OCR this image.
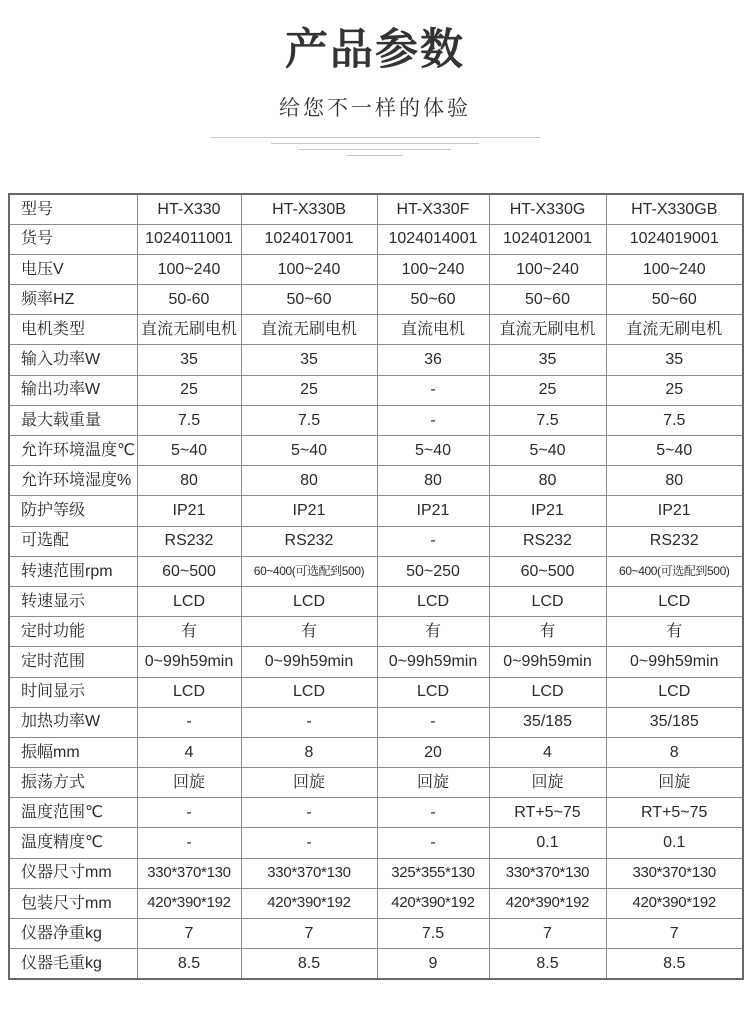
产品参数
给您不一样的体验
型号	HT-X330	HT-X330B	HT-X330F	HT-X330G	HT-X330GB
货号	1024011001	1024017001	1024014001	1024012001	1024019001
电压V	100~240	100~240	100~240	100~240	100~240
频率HZ	50-60	50~60	50~60	50~60	50~60
电机类型	直流无刷电机	直流无刷电机	直流电机	直流无刷电机	直流无刷电机
输入功率W	35	35	36	35	35
输出功率W	25	25	-	25	25
最大载重量	7.5	7.5	-	7.5	7.5
允许环境温度℃	5~40	5~40	5~40	5~40	5~40
允许环境湿度%	80	80	80	80	80
防护等级	IP21	IP21	IP21	IP21	IP21
可选配	RS232	RS232	-	RS232	RS232
转速范围rpm	60~500	60~400(可选配到500)	50~250	60~500	60~400(可选配到500)
转速显示	LCD	LCD	LCD	LCD	LCD
定时功能	有	有	有	有	有
定时范围	0~99h59min	0~99h59min	0~99h59min	0~99h59min	0~99h59min
时间显示	LCD	LCD	LCD	LCD	LCD
加热功率W	-	-	-	35/185	35/185
振幅mm	4	8	20	4	8
振荡方式	回旋	回旋	回旋	回旋	回旋
温度范围℃	-	-	-	RT+5~75	RT+5~75
温度精度℃	-	-	-	0.1	0.1
仪器尺寸mm	330*370*130	330*370*130	325*355*130	330*370*130	330*370*130
包装尺寸mm	420*390*192	420*390*192	420*390*192	420*390*192	420*390*192
仪器净重kg	7	7	7.5	7	7
仪器毛重kg	8.5	8.5	9	8.5	8.5
